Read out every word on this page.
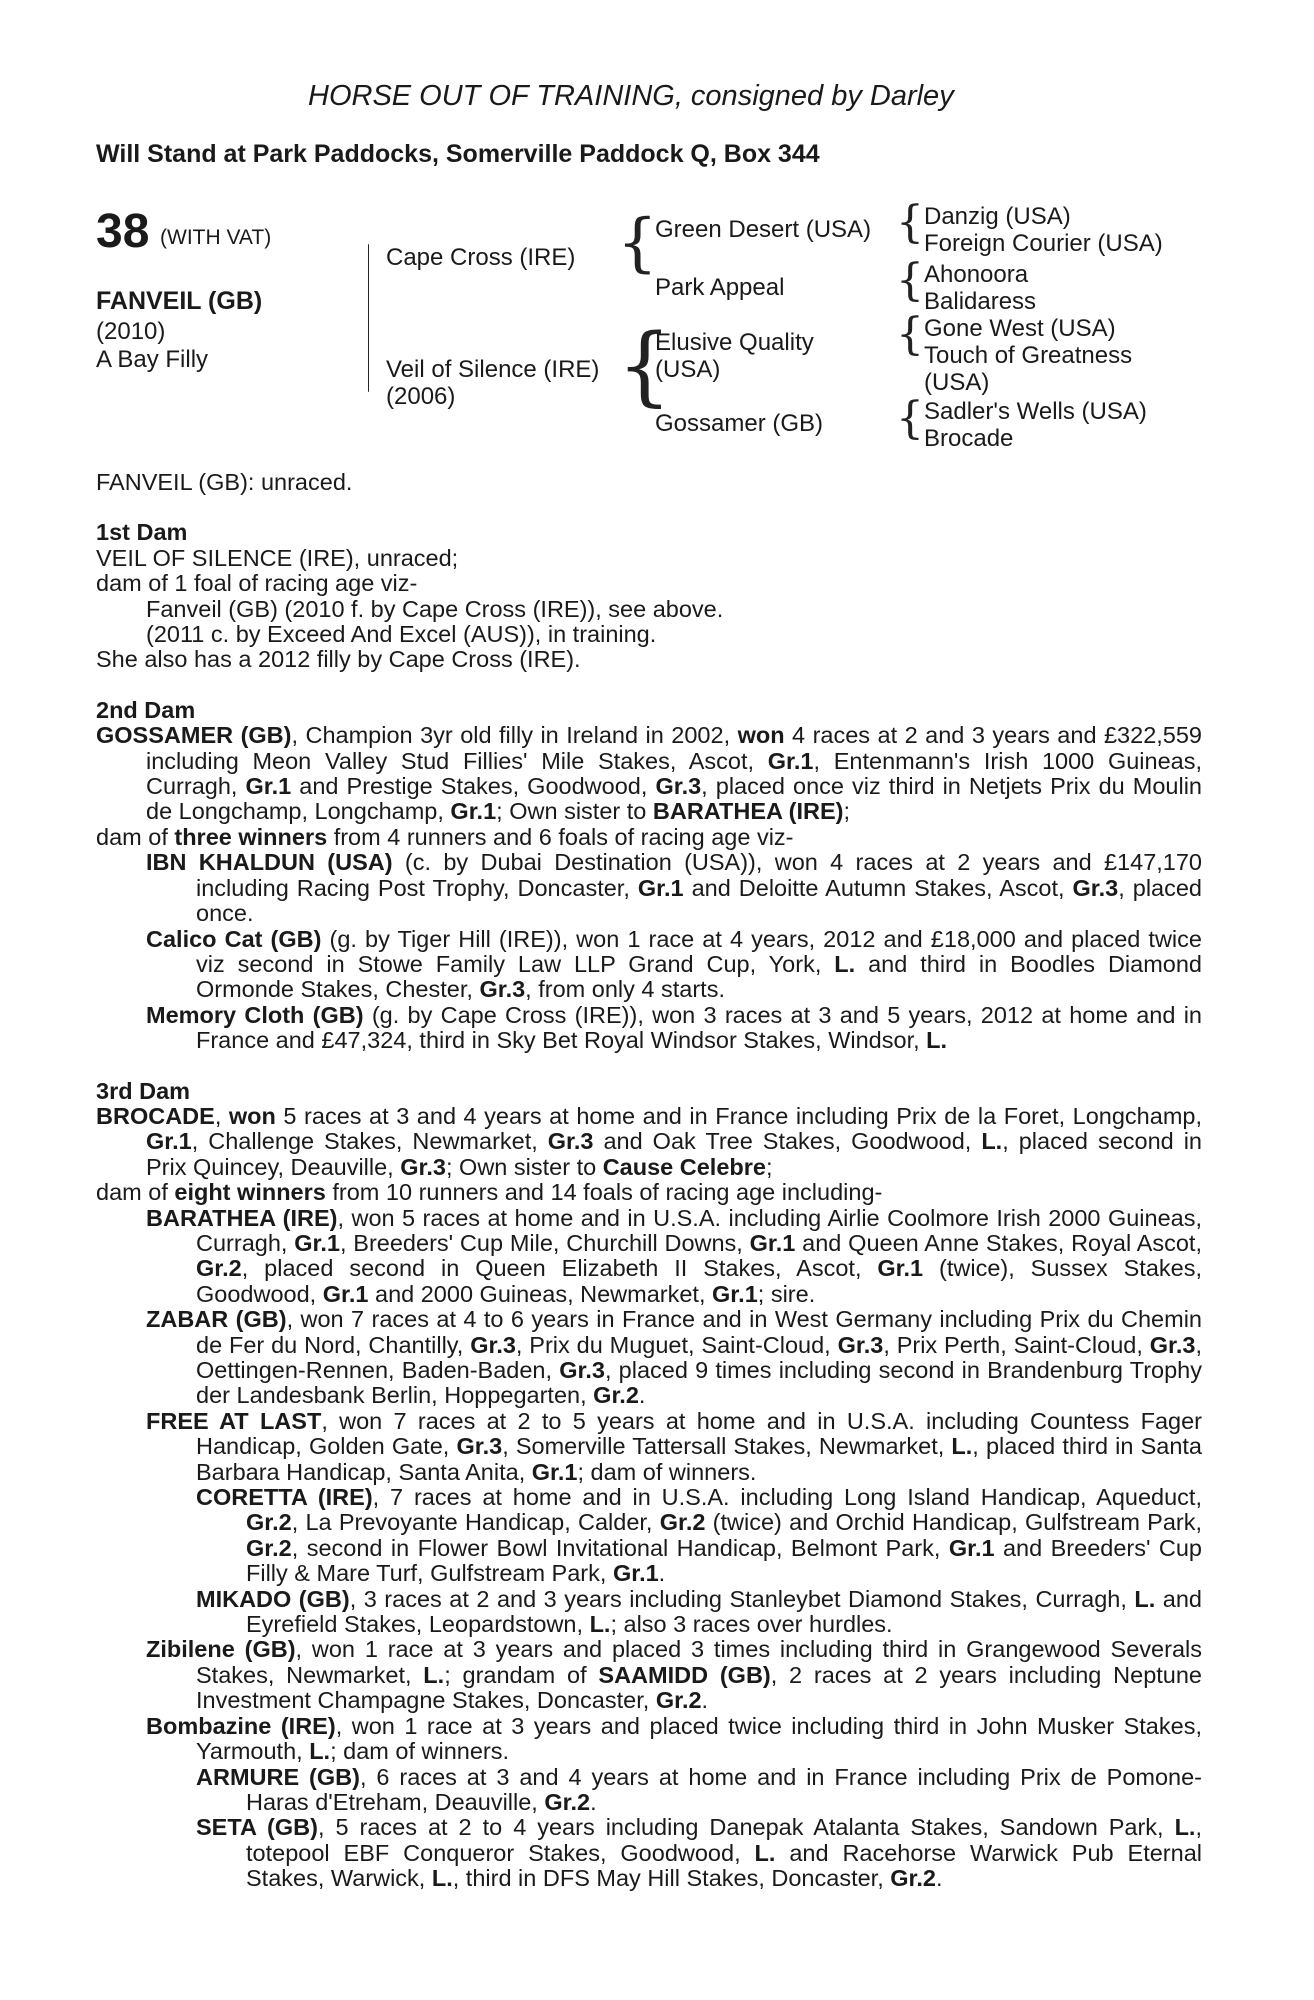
HORSE OUT OF TRAINING, consigned by Darley
Will Stand at Park Paddocks, Somerville Paddock Q, Box 344
38 (WITH VAT)
FANVEIL (GB)
(2010)
A Bay Filly
Cape Cross (IRE)
Veil of Silence (IRE)
(2006)
{
Green Desert (USA)
Park Appeal
{
Elusive Quality
(USA)
Gossamer (GB)
{ Danzig (USA)
Foreign Courier (USA)
{ Ahonoora
Balidaress
{ Gone West (USA)
Touch of Greatness
(USA)
{ Sadler's Wells (USA)
Brocade

FANVEIL (GB): unraced.

1st Dam

VEIL OF SILENCE (IRE), unraced;

dam of 1 foal of racing age viz-

Fanveil (GB) (2010 f. by Cape Cross (IRE)), see above.

(2011 c. by Exceed And Excel (AUS)), in training.

She also has a 2012 filly by Cape Cross (IRE).

2nd Dam

GOSSAMER (GB), Champion 3yr old filly in Ireland in 2002, won 4 races at 2 and 3 years and £322,559 including Meon Valley Stud Fillies' Mile Stakes, Ascot, Gr.1, Entenmann's Irish 1000 Guineas, Curragh, Gr.1 and Prestige Stakes, Goodwood, Gr.3, placed once viz third in Netjets Prix du Moulin de Longchamp, Longchamp, Gr.1; Own sister to BARATHEA (IRE);

dam of three winners from 4 runners and 6 foals of racing age viz-

IBN KHALDUN (USA) (c. by Dubai Destination (USA)), won 4 races at 2 years and £147,170 including Racing Post Trophy, Doncaster, Gr.1 and Deloitte Autumn Stakes, Ascot, Gr.3, placed once.

Calico Cat (GB) (g. by Tiger Hill (IRE)), won 1 race at 4 years, 2012 and £18,000 and placed twice viz second in Stowe Family Law LLP Grand Cup, York, L. and third in Boodles Diamond Ormonde Stakes, Chester, Gr.3, from only 4 starts.

Memory Cloth (GB) (g. by Cape Cross (IRE)), won 3 races at 3 and 5 years, 2012 at home and in France and £47,324, third in Sky Bet Royal Windsor Stakes, Windsor, L.

3rd Dam

BROCADE, won 5 races at 3 and 4 years at home and in France including Prix de la Foret, Longchamp, Gr.1, Challenge Stakes, Newmarket, Gr.3 and Oak Tree Stakes, Goodwood, L., placed second in Prix Quincey, Deauville, Gr.3; Own sister to Cause Celebre;

dam of eight winners from 10 runners and 14 foals of racing age including-

BARATHEA (IRE), won 5 races at home and in U.S.A. including Airlie Coolmore Irish 2000 Guineas, Curragh, Gr.1, Breeders' Cup Mile, Churchill Downs, Gr.1 and Queen Anne Stakes, Royal Ascot, Gr.2, placed second in Queen Elizabeth II Stakes, Ascot, Gr.1 (twice), Sussex Stakes, Goodwood, Gr.1 and 2000 Guineas, Newmarket, Gr.1; sire.

ZABAR (GB), won 7 races at 4 to 6 years in France and in West Germany including Prix du Chemin de Fer du Nord, Chantilly, Gr.3, Prix du Muguet, Saint-Cloud, Gr.3, Prix Perth, Saint-Cloud, Gr.3, Oettingen-Rennen, Baden-Baden, Gr.3, placed 9 times including second in Brandenburg Trophy der Landesbank Berlin, Hoppegarten, Gr.2.

FREE AT LAST, won 7 races at 2 to 5 years at home and in U.S.A. including Countess Fager Handicap, Golden Gate, Gr.3, Somerville Tattersall Stakes, Newmarket, L., placed third in Santa Barbara Handicap, Santa Anita, Gr.1; dam of winners.

CORETTA (IRE), 7 races at home and in U.S.A. including Long Island Handicap, Aqueduct, Gr.2, La Prevoyante Handicap, Calder, Gr.2 (twice) and Orchid Handicap, Gulfstream Park, Gr.2, second in Flower Bowl Invitational Handicap, Belmont Park, Gr.1 and Breeders' Cup Filly & Mare Turf, Gulfstream Park, Gr.1.

MIKADO (GB), 3 races at 2 and 3 years including Stanleybet Diamond Stakes, Curragh, L. and Eyrefield Stakes, Leopardstown, L.; also 3 races over hurdles.

Zibilene (GB), won 1 race at 3 years and placed 3 times including third in Grangewood Severals Stakes, Newmarket, L.; grandam of SAAMIDD (GB), 2 races at 2 years including Neptune Investment Champagne Stakes, Doncaster, Gr.2.

Bombazine (IRE), won 1 race at 3 years and placed twice including third in John Musker Stakes, Yarmouth, L.; dam of winners.

ARMURE (GB), 6 races at 3 and 4 years at home and in France including Prix de Pomone- Haras d'Etreham, Deauville, Gr.2.

SETA (GB), 5 races at 2 to 4 years including Danepak Atalanta Stakes, Sandown Park, L., totepool EBF Conqueror Stakes, Goodwood, L. and Racehorse Warwick Pub Eternal Stakes, Warwick, L., third in DFS May Hill Stakes, Doncaster, Gr.2.
